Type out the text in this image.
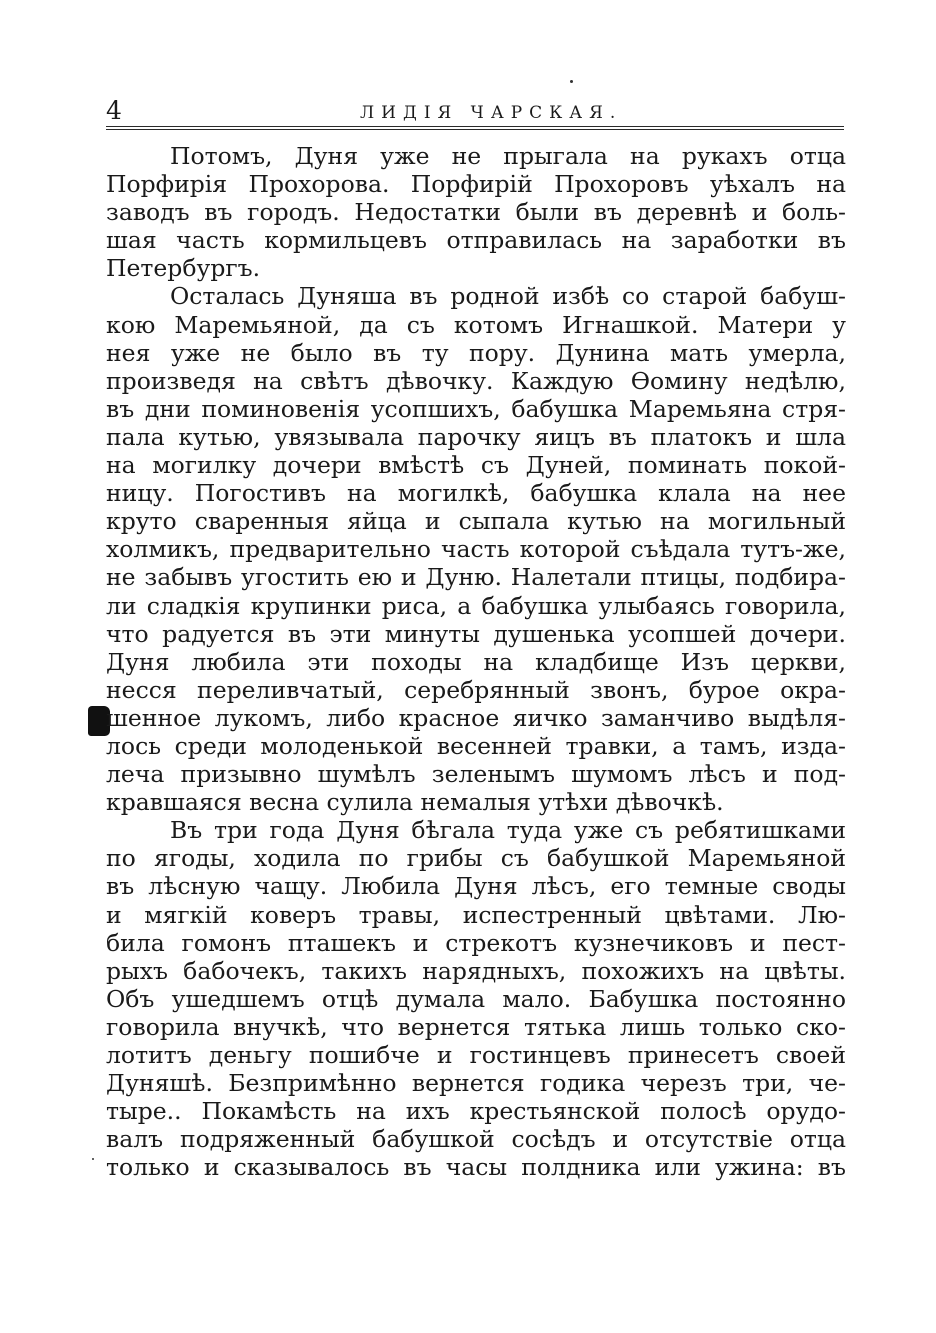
4	ЛИДІЯ ЧАРСКАЯ.

Потомъ, Дуня уже не прыгала на рукахъ отца
Порфирія Прохорова. Порфирій Прохоровъ уѣхалъ на
заводъ въ городъ. Недостатки были въ деревнѣ и боль-
шая часть кормильцевъ отправилась на заработки въ
Петербургъ.

Осталась Дуняша въ родной избѣ со старой бабуш-
кою Маремьяной, да съ котомъ Игнашкой. Матери у
нея уже не было въ ту пору. Дунина мать умерла,
произведя на свѣтъ дѣвочку. Каждую Ѳомину недѣлю,
въ дни поминовенія усопшихъ, бабушка Маремьяна стря-
пала кутью, увязывала парочку яицъ въ платокъ и шла
на могилку дочери вмѣстѣ съ Дуней, поминать покой-
ницу. Погостивъ на могилкѣ, бабушка клала на нее
круто сваренныя яйца и сыпала кутью на могильный
холмикъ, предварительно часть которой съѣдала тутъ-же,
не забывъ угостить ею и Дуню. Налетали птицы, подбира-
ли сладкія крупинки риса, а бабушка улыбаясь говорила,
что радуется въ эти минуты душенька усопшей дочери.
Дуня любила эти походы на кладбище Изъ церкви,
несся переливчатый, серебрянный звонъ, бурое окра-
шенное лукомъ, либо красное яичко заманчиво выдѣля-
лось среди молоденькой весенней травки, а тамъ, изда-
леча призывно шумѣлъ зеленымъ шумомъ лѣсъ и под-
кравшаяся весна сулила немалыя утѣхи дѣвочкѣ.

Въ три года Дуня бѣгала туда уже съ ребятишками
по ягоды, ходила по грибы съ бабушкой Маремьяной
въ лѣсную чащу. Любила Дуня лѣсъ, его темные своды
и мягкій коверъ травы, испестренный цвѣтами. Лю-
била гомонъ пташекъ и стрекотъ кузнечиковъ и пест-
рыхъ бабочекъ, такихъ нарядныхъ, похожихъ на цвѣты.
Объ ушедшемъ отцѣ думала мало. Бабушка постоянно
говорила внучкѣ, что вернется тятька лишь только ско-
лотитъ деньгу пошибче и гостинцевъ принесетъ своей
Дуняшѣ. Безпримѣнно вернется годика черезъ три, че-
тыре.. Покамѣсть на ихъ крестьянской полосѣ орудо-
валъ подряженный бабушкой сосѣдъ и отсутствіе отца
только и сказывалось въ часы полдника или ужина: въ
